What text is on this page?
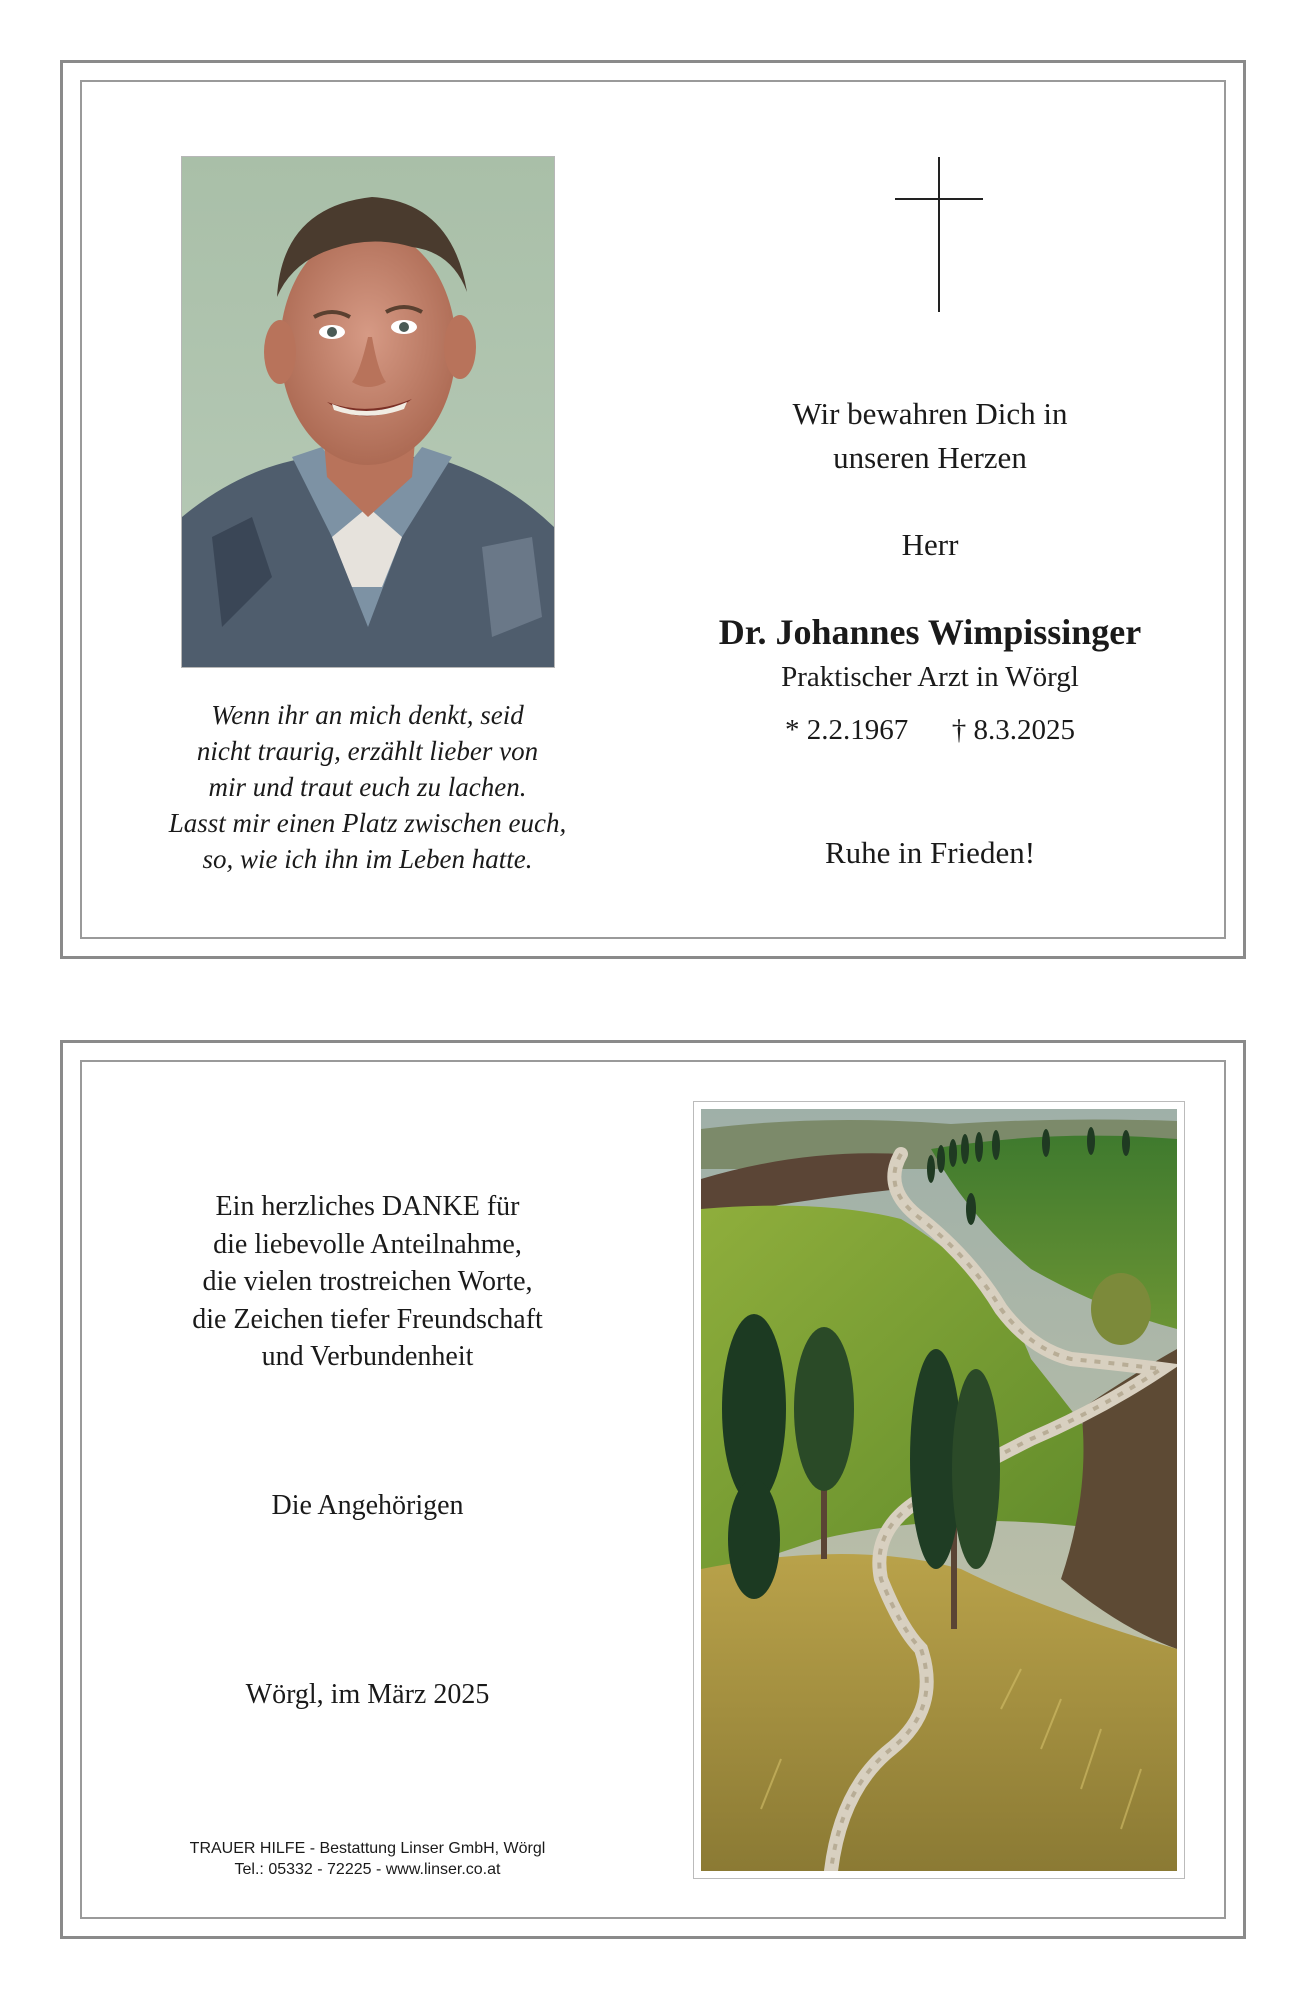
Wenn ihr an mich denkt, seid
nicht traurig, erzählt lieber von
mir und traut euch zu lachen.
Lasst mir einen Platz zwischen euch,
so, wie ich ihn im Leben hatte.
Wir bewahren Dich in
unseren Herzen
Herr
Dr. Johannes Wimpissinger
Praktischer Arzt in Wörgl
* 2.2.1967 † 8.3.2025
Ruhe in Frieden!
Ein herzliches DANKE für
die liebevolle Anteilnahme,
die vielen trostreichen Worte,
die Zeichen tiefer Freundschaft
und Verbundenheit
Die Angehörigen
Wörgl, im März 2025
TRAUER HILFE - Bestattung Linser GmbH, Wörgl
Tel.: 05332 - 72225 - www.linser.co.at
